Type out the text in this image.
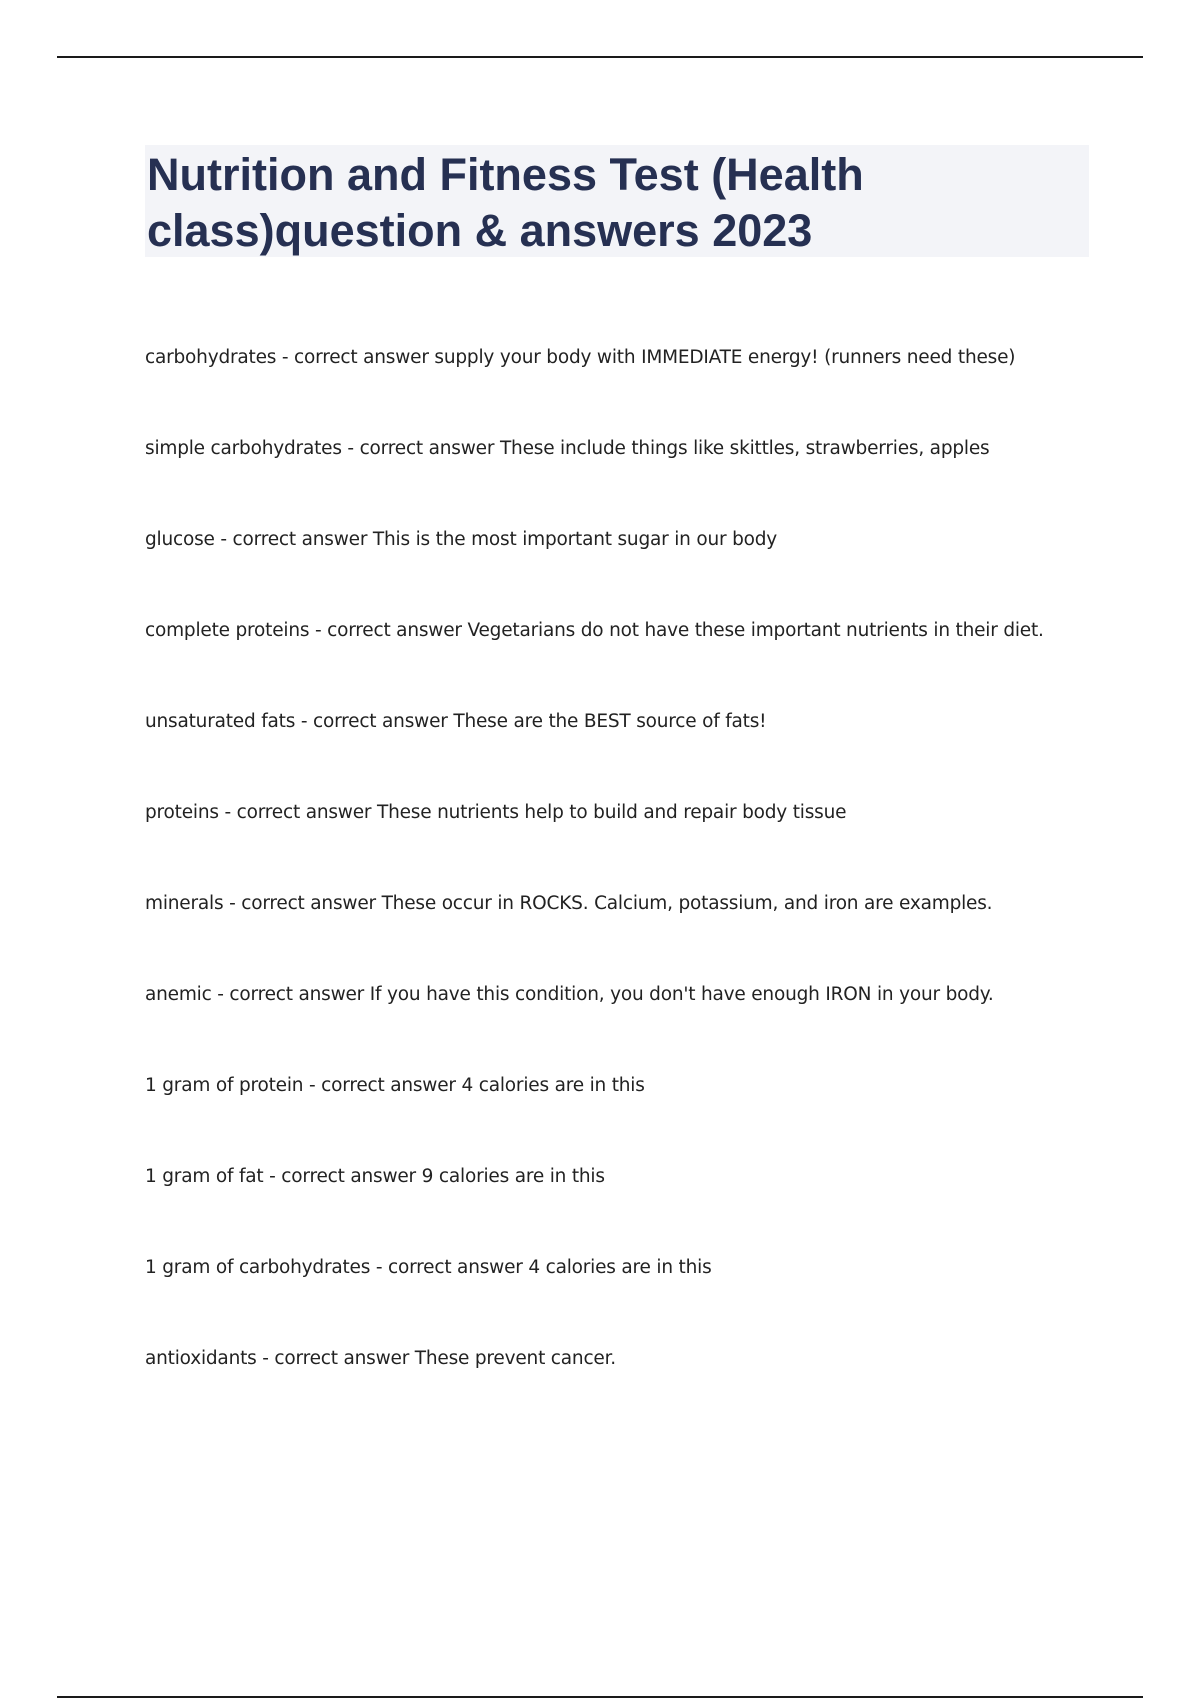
Nutrition and Fitness Test (Health class)question & answers 2023
carbohydrates - correct answer supply your body with IMMEDIATE energy! (runners need these)
simple carbohydrates - correct answer These include things like skittles, strawberries, apples
glucose - correct answer This is the most important sugar in our body
complete proteins - correct answer Vegetarians do not have these important nutrients in their diet.
unsaturated fats - correct answer These are the BEST source of fats!
proteins - correct answer These nutrients help to build and repair body tissue
minerals - correct answer These occur in ROCKS. Calcium, potassium, and iron are examples.
anemic - correct answer If you have this condition, you don't have enough IRON in your body.
1 gram of protein - correct answer 4 calories are in this
1 gram of fat - correct answer 9 calories are in this
1 gram of carbohydrates - correct answer 4 calories are in this
antioxidants - correct answer These prevent cancer.
